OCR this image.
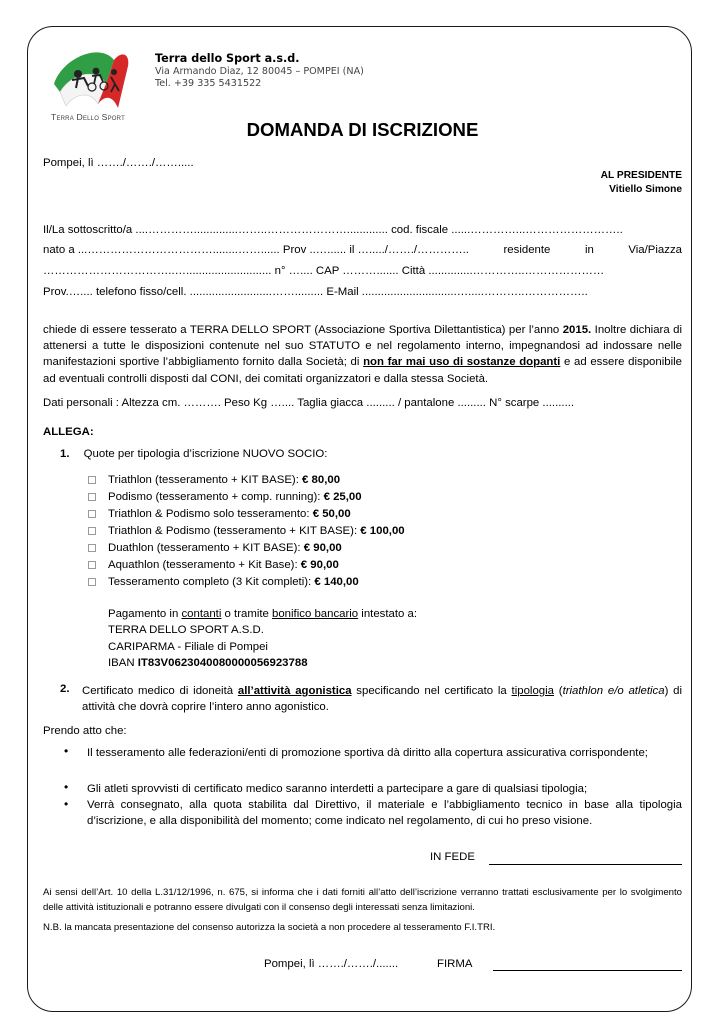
Terra Dello Sport
Terra dello Sport a.s.d.
Via Armando Diaz, 12 80045 – POMPEI (NA)
Tel. +39 335 5431522
DOMANDA DI ISCRIZIONE
Pompei, lì ……./……./…….....
AL PRESIDENTE
Vitiello Simone
Il/La sottoscritto/a ....…………..............……..…………………............. cod. fiscale ......…………...……………………..
nato a ...……………………………........……...... Prov ..…...... il …...../……./…………..	residente	in	Via/Piazza
……………………………..…........................... n° ….... CAP ………....... Città ..............…………..…………………
Prov.….... telefono fisso/cell. ..........................……......... E-Mail ..............................….....………..……………..
chiede di essere tesserato a TERRA DELLO SPORT (Associazione Sportiva Dilettantistica) per l’anno 2015. Inoltre dichiara di attenersi a tutte le disposizioni contenute nel suo STATUTO e nel regolamento interno, impegnandosi ad indossare nelle manifestazioni sportive l’abbigliamento fornito dalla Società; di non far mai uso di sostanze dopanti e ad essere disponibile ad eventuali controlli disposti dal CONI, dei comitati organizzatori e dalla stessa Società.
Dati personali : Altezza cm. ………. Peso Kg ….... Taglia giacca ......... / pantalone ......... N° scarpe ..........
ALLEGA:
1. Quote per tipologia d’iscrizione NUOVO SOCIO:
Triathlon (tesseramento + KIT BASE): € 80,00
Podismo (tesseramento + comp. running): € 25,00
Triathlon & Podismo solo tesseramento: € 50,00
Triathlon & Podismo (tesseramento + KIT BASE): € 100,00
Duathlon (tesseramento + KIT BASE): € 90,00
Aquathlon (tesseramento + Kit Base): € 90,00
Tesseramento completo (3 Kit completi): € 140,00
Pagamento in contanti o tramite bonifico bancario intestato a:
TERRA DELLO SPORT A.S.D.
CARIPARMA - Filiale di Pompei
IBAN IT83V0623040080000056923788
2. Certificato medico di idoneità all’attività agonistica specificando nel certificato la tipologia (triathlon e/o atletica) di attività che dovrà coprire l’intero anno agonistico.
Prendo atto che:
• Il tesseramento alle federazioni/enti di promozione sportiva dà diritto alla copertura assicurativa corrispondente;
• Gli atleti sprovvisti di certificato medico saranno interdetti a partecipare a gare di qualsiasi tipologia;
• Verrà consegnato, alla quota stabilita dal Direttivo, il materiale e l’abbigliamento tecnico in base alla tipologia d’iscrizione, e alla disponibilità del momento; come indicato nel regolamento, di cui ho preso visione.
IN FEDE
Ai sensi dell’Art. 10 della L.31/12/1996, n. 675, si informa che i dati forniti all’atto dell’iscrizione verranno trattati esclusivamente per lo svolgimento delle attività istituzionali e potranno essere divulgati con il consenso degli interessati senza limitazioni.
N.B. la mancata presentazione del consenso autorizza la società a non procedere al tesseramento F.I.TRI.
Pompei, lì ……./……./.......	FIRMA
